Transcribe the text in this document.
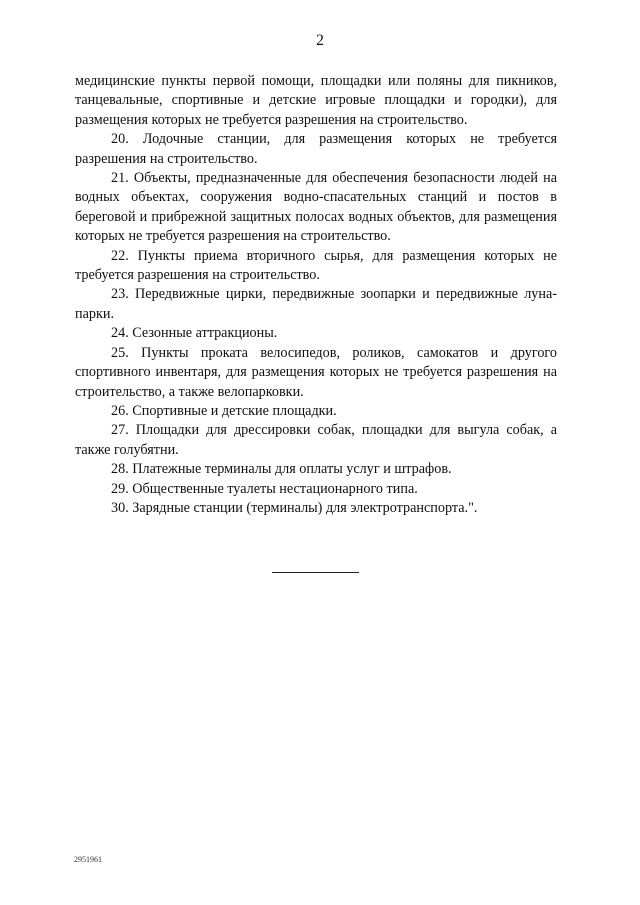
2

медицинские пункты первой помощи, площадки или поляны для пикников, танцевальные, спортивные и детские игровые площадки и городки), для размещения которых не требуется разрешения на строительство.

20. Лодочные станции, для размещения которых не требуется разрешения на строительство.

21. Объекты, предназначенные для обеспечения безопасности людей на водных объектах, сооружения водно-спасательных станций и постов в береговой и прибрежной защитных полосах водных объектов, для размещения которых не требуется разрешения на строительство.

22. Пункты приема вторичного сырья, для размещения которых не требуется разрешения на строительство.

23. Передвижные цирки, передвижные зоопарки и передвижные луна-парки.

24. Сезонные аттракционы.

25. Пункты проката велосипедов, роликов, самокатов и другого спортивного инвентаря, для размещения которых не требуется разрешения на строительство, а также велопарковки.

26. Спортивные и детские площадки.

27. Площадки для дрессировки собак, площадки для выгула собак, а также голубятни.

28. Платежные терминалы для оплаты услуг и штрафов.

29. Общественные туалеты нестационарного типа.

30. Зарядные станции (терминалы) для электротранспорта.".

2951961
